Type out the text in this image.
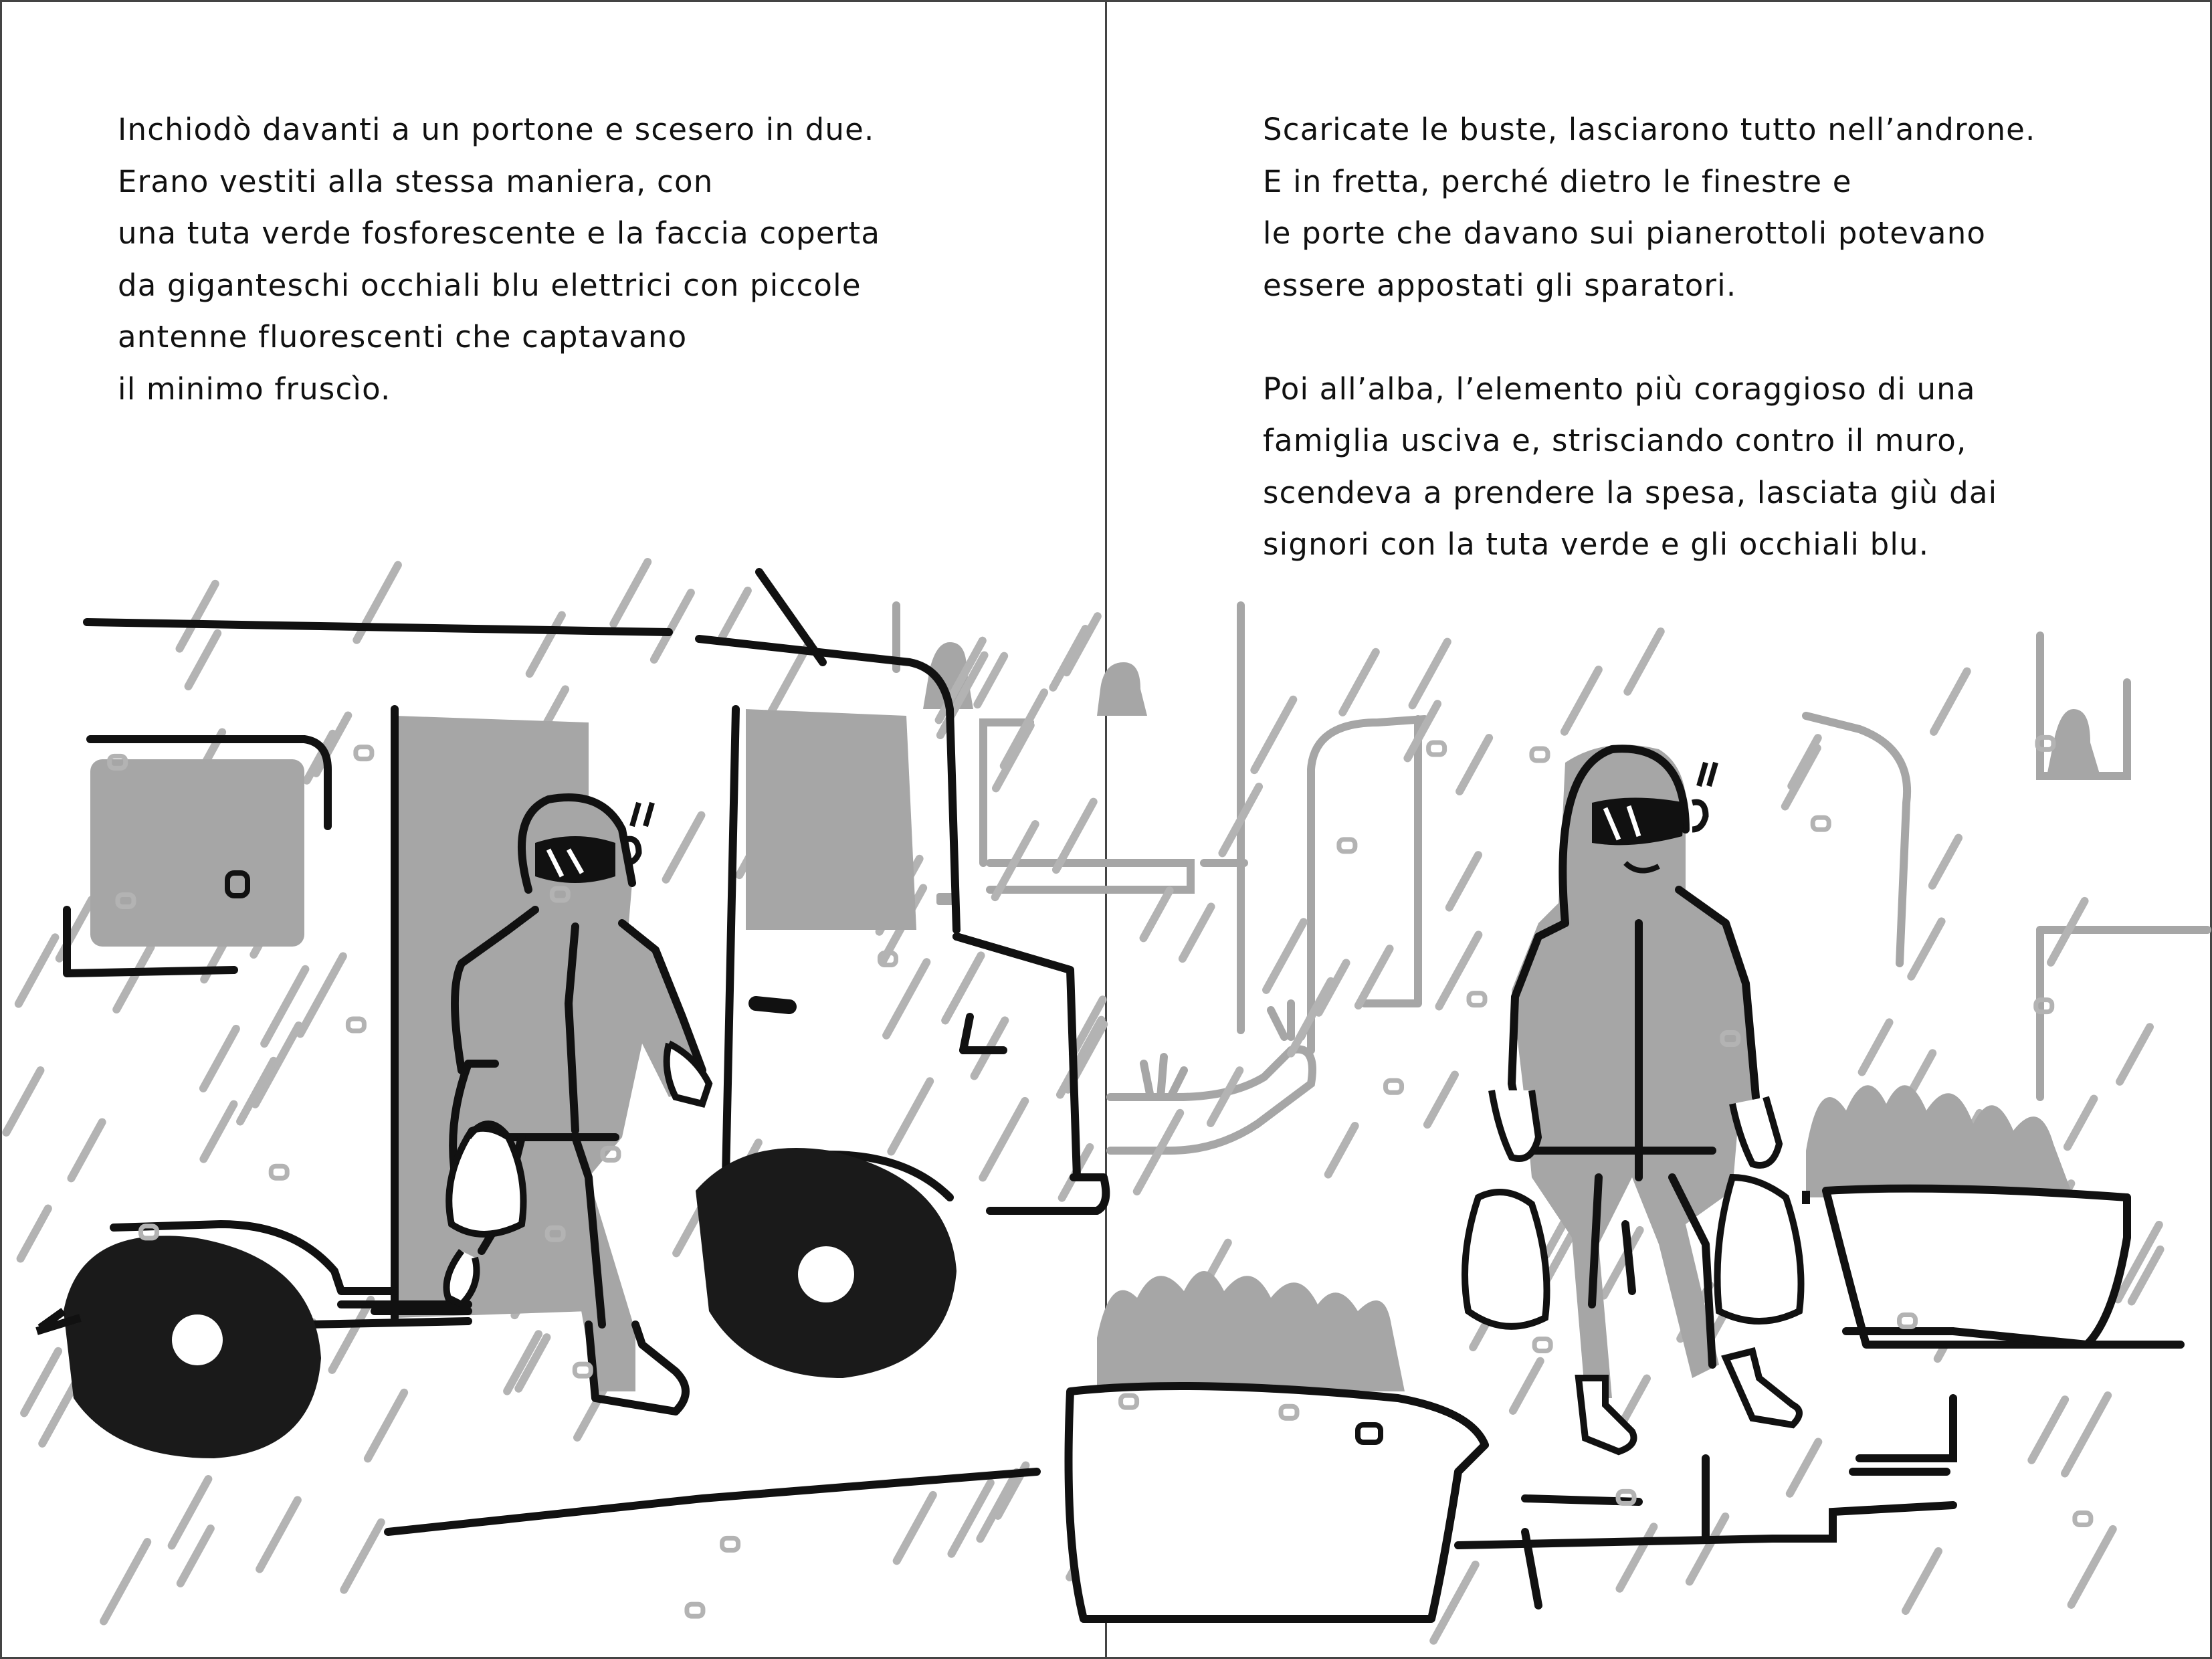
Inchiodò davanti a un portone e scesero in due.
Erano vestiti alla stessa maniera, con
una tuta verde fosforescente e la faccia coperta
da giganteschi occhiali blu elettrici con piccole
antenne fluorescenti che captavano
il minimo fruscìo.
Scaricate le buste, lasciarono tutto nell’androne.
E in fretta, perché dietro le finestre e
le porte che davano sui pianerottoli potevano
essere appostati gli sparatori.
Poi all’alba, l’elemento più coraggioso di una
famiglia usciva e, strisciando contro il muro,
scendeva a prendere la spesa, lasciata giù dai
signori con la tuta verde e gli occhiali blu.
